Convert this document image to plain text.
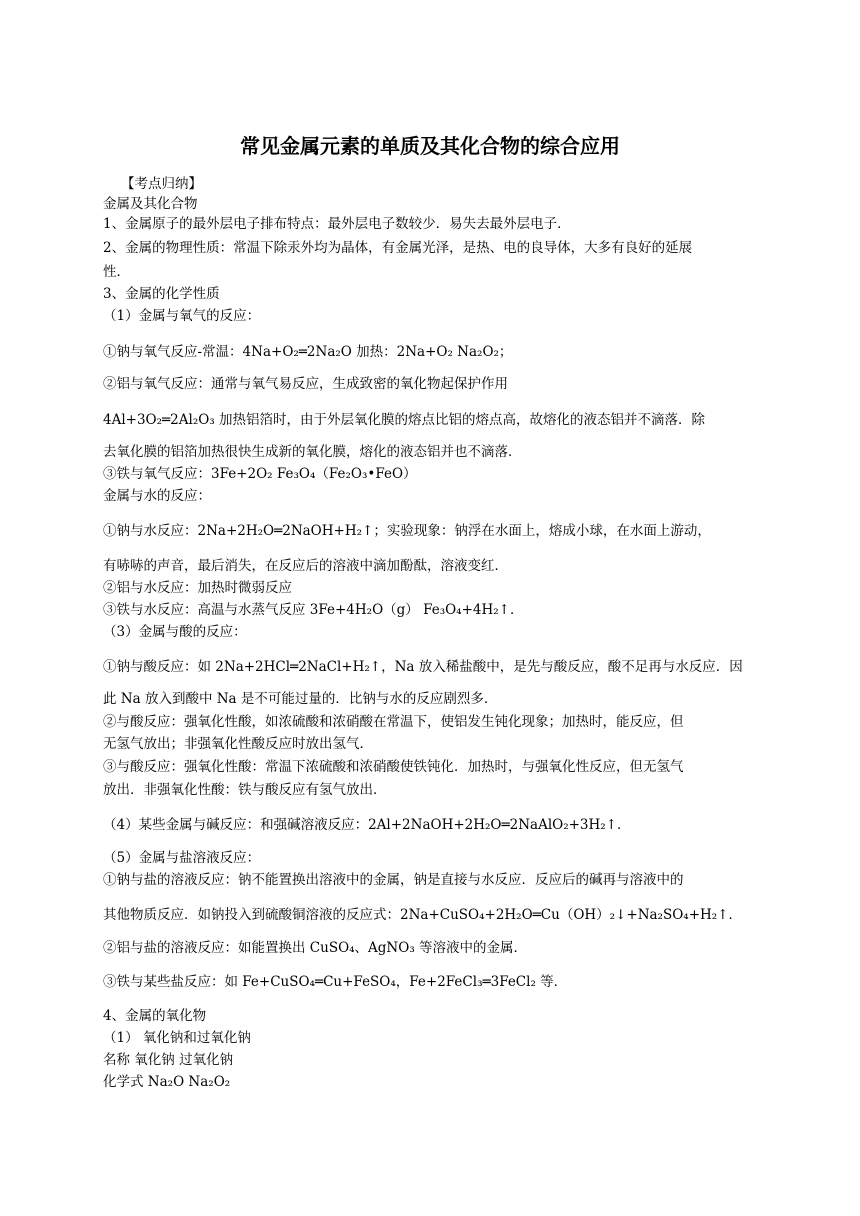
常见金属元素的单质及其化合物的综合应用
【考点归纳】
金属及其化合物
1、金属原子的最外层电子排布特点：最外层电子数较少．易失去最外层电子．
2、金属的物理性质：常温下除汞外均为晶体，有金属光泽，是热、电的良导体，大多有良好的延展
性．
3、金属的化学性质
（1）金属与氧气的反应：
①钠与氧气反应-常温：4Na+O₂═2Na₂O 加热：2Na+O₂ Na₂O₂；
②铝与氧气反应：通常与氧气易反应，生成致密的氧化物起保护作用
4Al+3O₂═2Al₂O₃ 加热铝箔时，由于外层氧化膜的熔点比铝的熔点高，故熔化的液态铝并不滴落．除
去氧化膜的铝箔加热很快生成新的氧化膜，熔化的液态铝并也不滴落．
③铁与氧气反应：3Fe+2O₂ Fe₃O₄（Fe₂O₃•FeO）
金属与水的反应：
①钠与水反应：2Na+2H₂O═2NaOH+H₂↑；实验现象：钠浮在水面上，熔成小球，在水面上游动，
有哧哧的声音，最后消失，在反应后的溶液中滴加酚酞，溶液变红．
②铝与水反应：加热时微弱反应
③铁与水反应：高温与水蒸气反应 3Fe+4H₂O（g） Fe₃O₄+4H₂↑．
（3）金属与酸的反应：
①钠与酸反应：如 2Na+2HCl═2NaCl+H₂↑，Na 放入稀盐酸中，是先与酸反应，酸不足再与水反应．因
此 Na 放入到酸中 Na 是不可能过量的．比钠与水的反应剧烈多．
②与酸反应：强氧化性酸，如浓硫酸和浓硝酸在常温下，使铝发生钝化现象；加热时，能反应，但
无氢气放出；非强氧化性酸反应时放出氢气．
③与酸反应：强氧化性酸：常温下浓硫酸和浓硝酸使铁钝化．加热时，与强氧化性反应，但无氢气
放出．非强氧化性酸：铁与酸反应有氢气放出．
（4）某些金属与碱反应：和强碱溶液反应：2Al+2NaOH+2H₂O═2NaAlO₂+3H₂↑．
（5）金属与盐溶液反应：
①钠与盐的溶液反应：钠不能置换出溶液中的金属，钠是直接与水反应．反应后的碱再与溶液中的
其他物质反应．如钠投入到硫酸铜溶液的反应式：2Na+CuSO₄+2H₂O═Cu（OH）₂↓+Na₂SO₄+H₂↑．
②铝与盐的溶液反应：如能置换出 CuSO₄、AgNO₃ 等溶液中的金属．
③铁与某些盐反应：如 Fe+CuSO₄═Cu+FeSO₄，Fe+2FeCl₃═3FeCl₂ 等．
4、金属的氧化物
（1） 氧化钠和过氧化钠
名称 氧化钠 过氧化钠
化学式 Na₂O Na₂O₂
